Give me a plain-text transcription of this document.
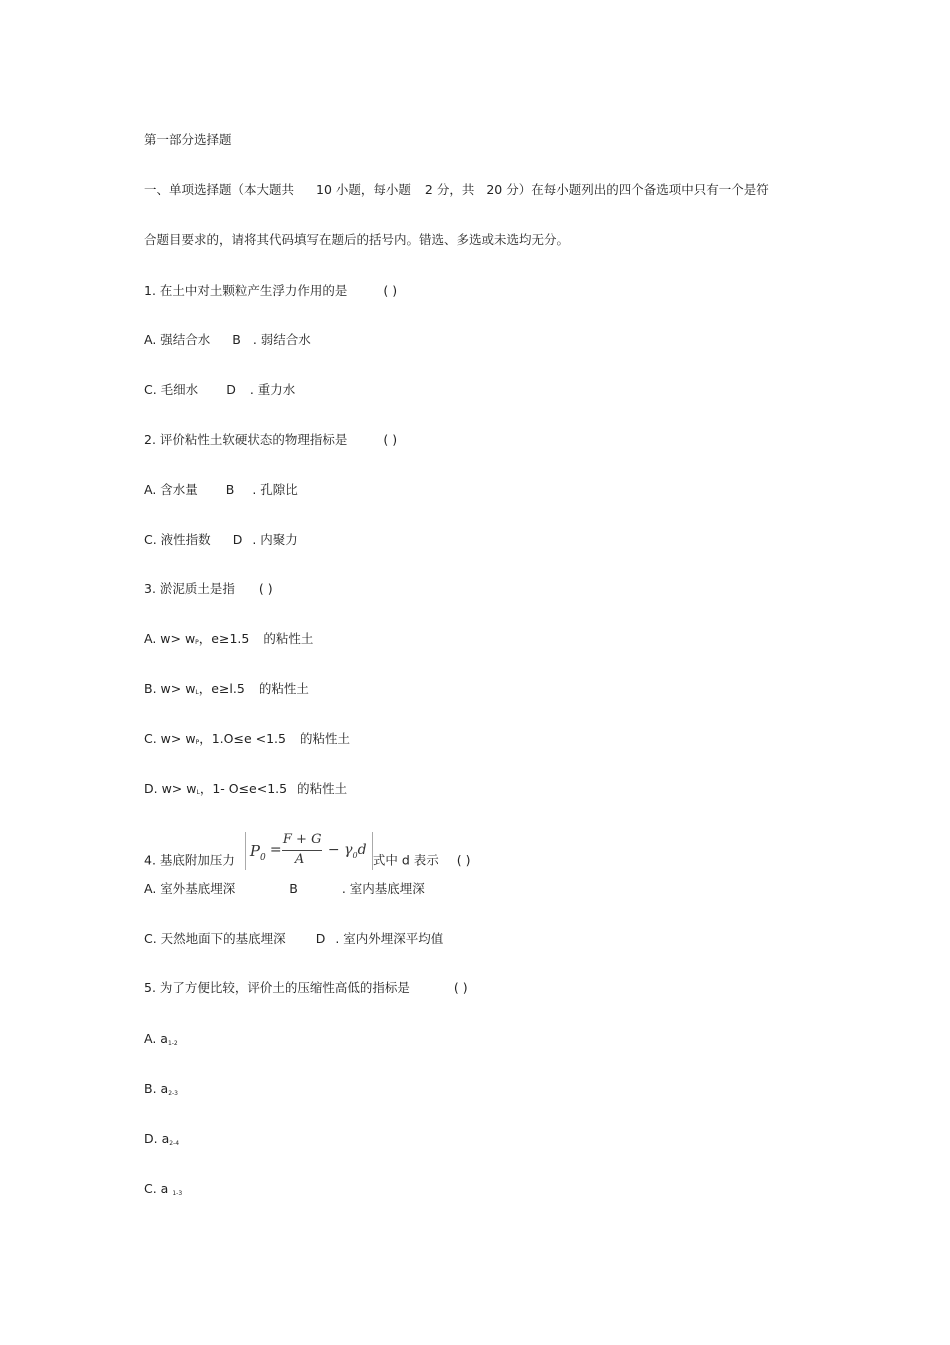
第一部分选择题
一、单项选择题（本大题共 10 小题，每小题 2 分，共 20 分）在每小题列出的四个备选项中只有一个是符
合题目要求的，请将其代码填写在题后的括号内。错选、多选或未选均无分。
1. 在土中对土颗粒产生浮力作用的是	( )
A. 强结合水 B . 弱结合水
C. 毛细水 D . 重力水
2. 评价粘性土软硬状态的物理指标是	( )
A. 含水量 B . 孔隙比
C. 液性指数 D . 内聚力
3. 淤泥质土是指 ( )
A. $w> w_P$，e≥1.5 的粘性土
B. $w> w_L$，e≥l.5 的粘性土
C. $w> w_P$，1.O≤e <1.5 的粘性土
D. $w> w_L$，1- O≤e<1.5 的粘性土
4. 基底附加压力 $P_0$ =
F + G
A
− $\gamma_0d$
式中 d 表示 ( )
A. 室外基底埋深	B	. 室内基底埋深
C. 天然地面下的基底埋深 D . 室内外埋深平均值
5. 为了方便比较，评价土的压缩性高低的指标是	( )
A. $a_{1-2}$
B. $a_{2-3}$
D. $a_{2-4}$
C. a $_{1-3}$
